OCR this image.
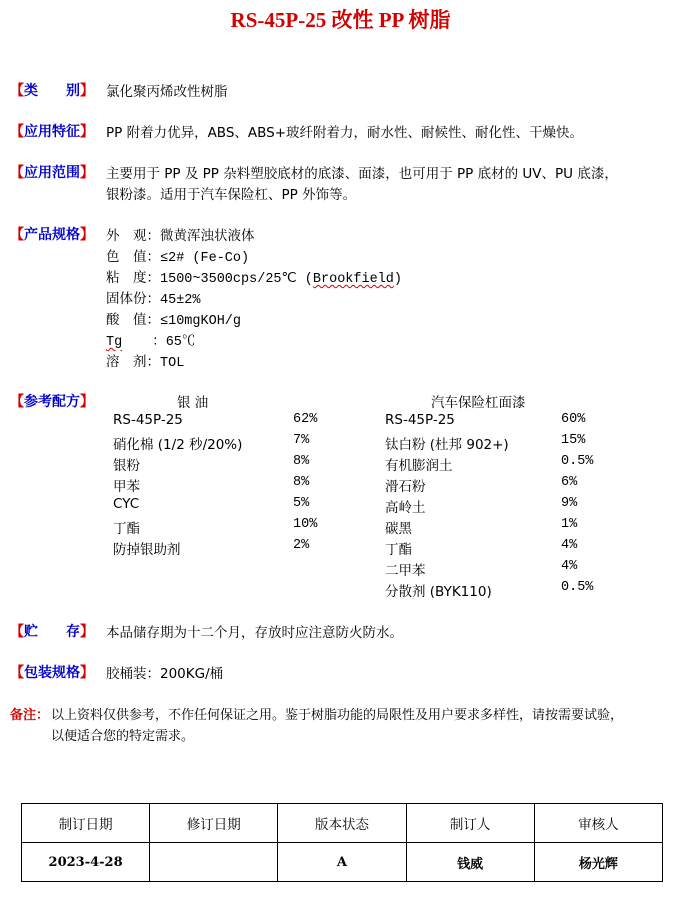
RS-45P-25 改性 PP 树脂
【类　　别】 氯化聚丙烯改性树脂
【应用特征】 PP 附着力优异，ABS、ABS+玻纤附着力，耐水性、耐候性、耐化性、干燥快。
【应用范围】 主要用于 PP 及 PP 杂料塑胶底材的底漆、面漆，也可用于 PP 底材的 UV、PU 底漆，
银粉漆。适用于汽车保险杠、PP 外饰等。
【产品规格】 外　观：微黄浑浊状液体
色　值：≤2# (Fe-Co)
粘　度：1500~3500cps/25℃ (Brookfield)
固体份：45±2%
酸　值：≤10mgKOH/g
Tg ：65℃
溶　剂：TOL
【参考配方】	银 油	汽车保险杠面漆
RS-45P-25	62%
硝化棉 (1/2 秒/20%)	7%
银粉	8%
甲苯	8%
CYC	5%
丁酯	10%
防掉银助剂	2%
RS-45P-25	60%
钛白粉 (杜邦 902+)	15%
有机膨润土	0.5%
滑石粉	6%
高岭土	9%
碳黑	1%
丁酯	4%
二甲苯	4%
分散剂 (BYK110)	0.5%
【贮　　存】 本品储存期为十二个月，存放时应注意防火防水。
【包装规格】 胶桶装：200KG/桶
备注： 以上资料仅供参考，不作任何保证之用。鉴于树脂功能的局限性及用户要求多样性，请按需要试验，
以便适合您的特定需求。
制订日期	修订日期	版本状态	制订人	审核人
2023-4-28		A	钱威	杨光辉
